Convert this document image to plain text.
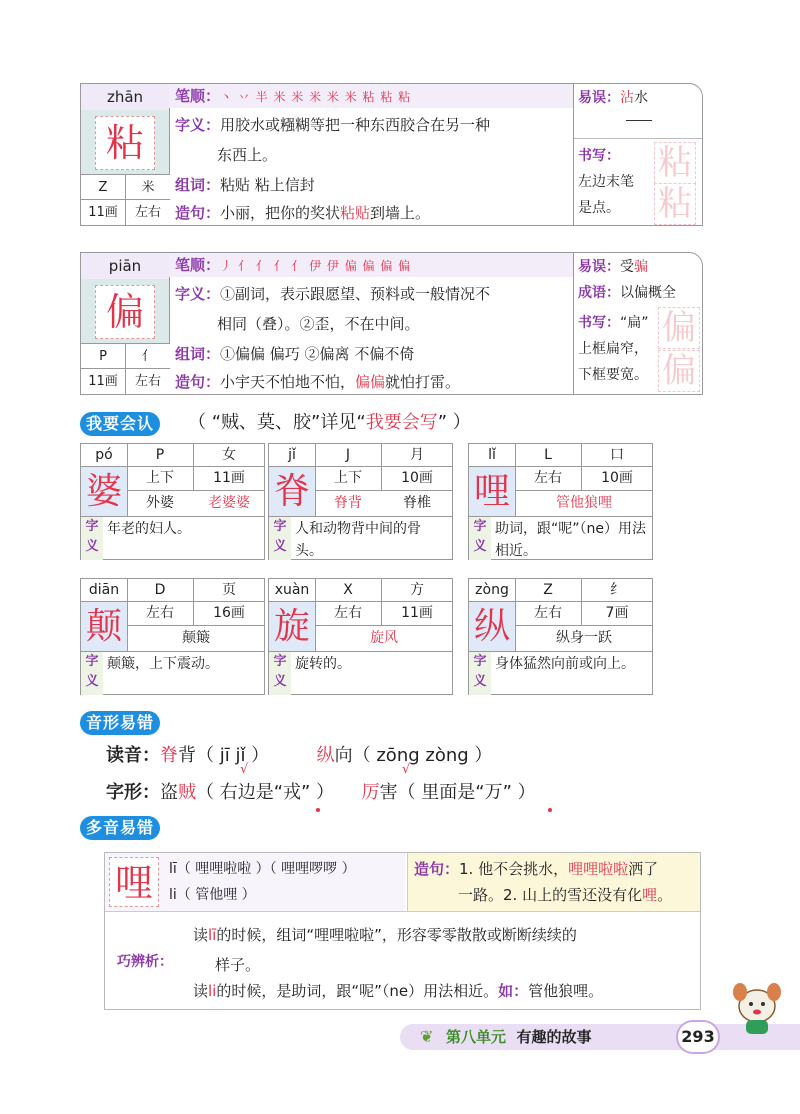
zhān
粘
Z	米
11画	左右
笔顺：丶 丷 半 米 米 米 米 米 粘 粘 粘
字义：用胶水或糨糊等把一种东西胶合在另一种
东西上。
组词：粘贴 粘上信封
造句：小丽，把你的奖状粘贴到墙上。
易误：沾水
书写：
左边末笔
是点。
粘
粘
piān
偏
P	亻
11画	左右
笔顺：丿 亻 亻 亻 亻 伊 伊 偏 偏 偏 偏
字义：①副词，表示跟愿望、预料或一般情况不
相同（叠）。②歪，不在中间。
组词：①偏偏 偏巧 ②偏离 不偏不倚
造句：小宇天不怕地不怕，偏偏就怕打雷。
易误：受骗
成语：以偏概全
书写：“扁”
上框扁窄，
下框要宽。
偏
偏
我要会认	（ “贼、莫、胶”详见“我要会写” ）
pó	P	女
婆	上下	11画
外婆	老婆婆
字
义
年老的妇人。
jǐ	J	月
脊	上下	10画
脊背	脊椎
字
义
人和动物背中间的骨头。
lǐ	L	口
哩	左右	10画
管他狼哩
字
义
助词，跟“呢”（ne）用法相近。
diān	D	页
颠	左右	16画
颠簸
字
义
颠簸，上下震动。
xuàn	X	方
旋	左右	11画
旋风
字
义
旋转的。
zòng	Z	纟
纵	左右	7画
纵身一跃
字
义
身体猛然向前或向上。
音形易错
读音：脊背（ jī jǐ ）	纵向（ zōng zòng ）
√	√
字形：盗贼（ 右边是“戎” ） 厉害（ 里面是“万” ）
多音易错
哩	lī（ 哩哩啦啦 ）（ 哩哩啰啰 ）
li（ 管他哩 ）
造句：1. 他不会挑水，哩哩啦啦洒了
一路。2. 山上的雪还没有化哩。
巧辨析：
读lī的时候，组词“哩哩啦啦”，形容零零散散或断断续续的
样子。
读li的时候，是助词，跟“呢”（ne）用法相近。如：管他狼哩。
❦ 第八单元 有趣的故事	293
